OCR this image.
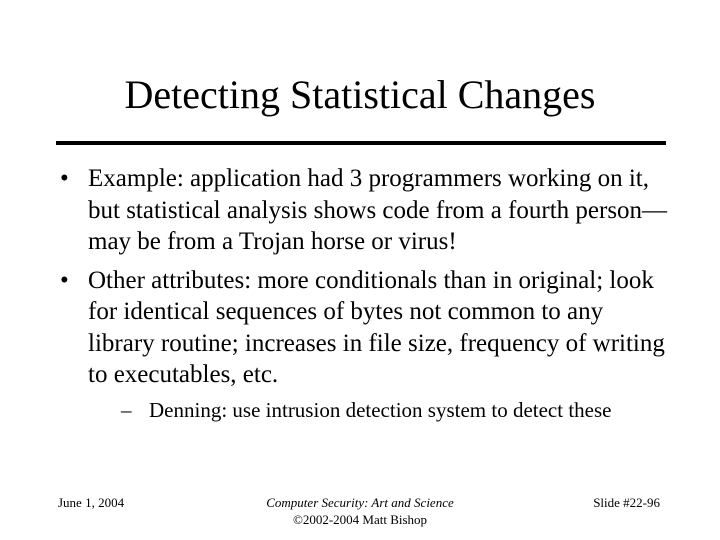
Detecting Statistical Changes
• Example: application had 3 programmers working on it, but statistical analysis shows code from a fourth person—may be from a Trojan horse or virus!
• Other attributes: more conditionals than in original; look for identical sequences of bytes not common to any library routine; increases in file size, frequency of writing to executables, etc.
– Denning: use intrusion detection system to detect these
June 1, 2004	Computer Security: Art and Science
©2002-2004 Matt Bishop
Slide #22-96
